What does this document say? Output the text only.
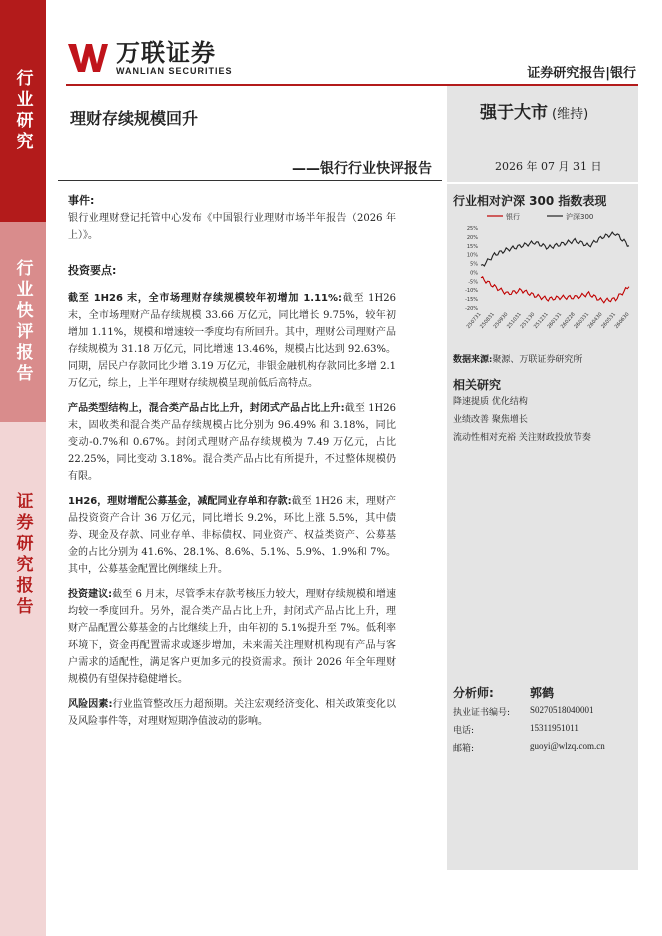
行业研究
行业快评报告
证券研究报告
万联证券
WANLIAN SECURITIES	证券研究报告|银行
理财存续规模回升
——银行行业快评报告
强于大市 (维持)
2026 年 07 月 31 日
行业相对沪深 300 指数表现
银行	沪深300
25%
20%
15%
10%
5%
0%
-5%
-10%
-15%
-20%
250731
250831
250930
251031
251130
251231
260131
260228
260331
260430
260531
260630
数据来源:聚源、万联证券研究所
相关研究
降速提质 优化结构
业绩改善 聚焦增长
流动性相对充裕 关注财政投放节奏
分析师:	郭鹤
执业证书编号: S0270518040001
电话:	15311951011
邮箱:	guoyi@wlzq.com.cn
事件:
银行业理财登记托管中心发布《中国银行业理财市场半年报告（2026 年上）》。
投资要点:
截至 1H26 末，全市场理财存续规模较年初增加 1.11%:截至 1H26 末，全市场理财产品存续规模 33.66 万亿元，同比增长 9.75%，较年初增加 1.11%，规模和增速较一季度均有所回升。其中，理财公司理财产品存续规模为 31.18 万亿元，同比增速 13.46%，规模占比达到 92.63%。同期，居民户存款同比少增 3.19 万亿元，非银金融机构存款同比多增 2.1 万亿元，综上，上半年理财存续规模呈现前低后高特点。
产品类型结构上，混合类产品占比上升，封闭式产品占比上升:截至 1H26 末，固收类和混合类产品存续规模占比分别为 96.49% 和 3.18%，同比变动-0.7%和 0.67%。封闭式理财产品存续规模为 7.49 万亿元，占比 22.25%，同比变动 3.18%。混合类产品占比有所提升，不过整体规模仍有限。
1H26，理财增配公募基金，减配同业存单和存款:截至 1H26 末，理财产品投资资产合计 36 万亿元，同比增长 9.2%，环比上涨 5.5%，其中债券、现金及存款、同业存单、非标债权、同业资产、权益类资产、公募基金的占比分别为 41.6%、28.1%、8.6%、5.1%、5.9%、1.9%和 7%。其中，公募基金配置比例继续上升。
投资建议:截至 6 月末，尽管季末存款考核压力较大，理财存续规模和增速均较一季度回升。另外，混合类产品占比上升，封闭式产品占比上升，理财产品配置公募基金的占比继续上升，由年初的 5.1%提升至 7%。低利率环境下，资金再配置需求或逐步增加，未来需关注理财机构现有产品与客户需求的适配性，满足客户更加多元的投资需求。预计 2026 年全年理财规模仍有望保持稳健增长。
风险因素:行业监管整改压力超预期。关注宏观经济变化、相关政策变化以及风险事件等，对理财短期净值波动的影响。
